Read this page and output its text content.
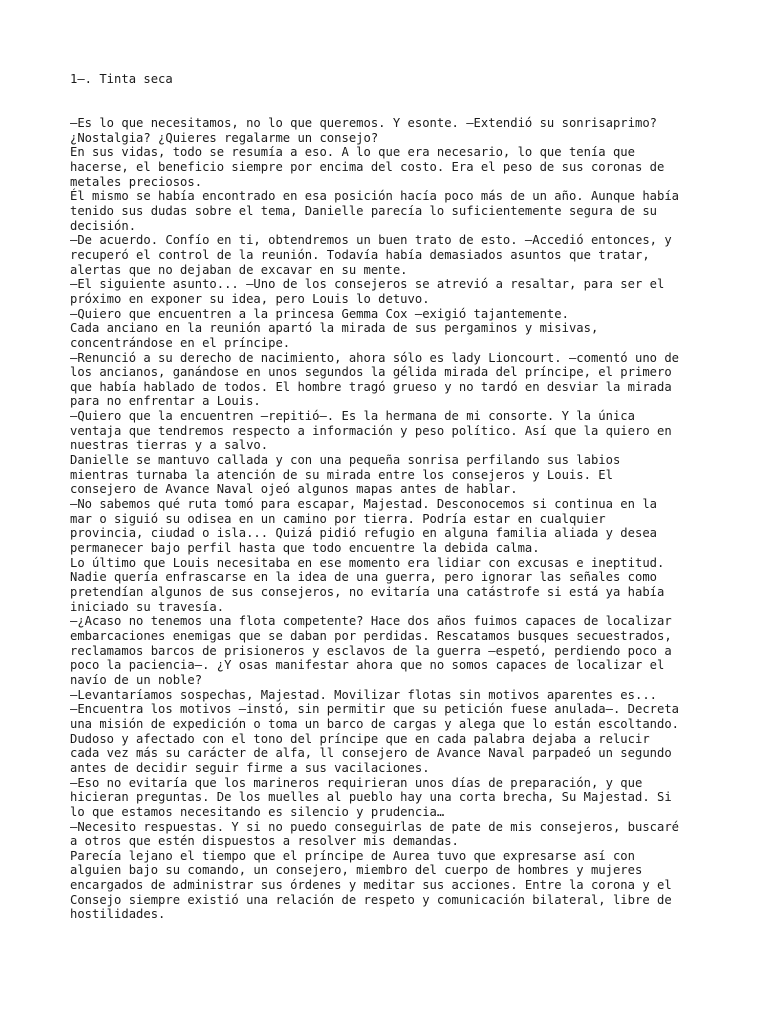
1—. Tinta seca

—Es lo que necesitamos, no lo que queremos. Y esonte. —Extendió su sonrisaprimo?
¿Nostalgia? ¿Quieres regalarme un consejo?

En sus vidas, todo se resumía a eso. A lo que era necesario, lo que tenía que
hacerse, el beneficio siempre por encima del costo. Era el peso de sus coronas de
metales preciosos.

Él mismo se había encontrado en esa posición hacía poco más de un año. Aunque había
tenido sus dudas sobre el tema, Danielle parecía lo suficientemente segura de su
decisión.

—De acuerdo. Confío en ti, obtendremos un buen trato de esto. —Accedió entonces, y
recuperó el control de la reunión. Todavía había demasiados asuntos que tratar,
alertas que no dejaban de excavar en su mente.

—El siguiente asunto... —Uno de los consejeros se atrevió a resaltar, para ser el
próximo en exponer su idea, pero Louis lo detuvo.

—Quiero que encuentren a la princesa Gemma Cox —exigió tajantemente.

Cada anciano en la reunión apartó la mirada de sus pergaminos y misivas,
concentrándose en el príncipe.

—Renunció a su derecho de nacimiento, ahora sólo es lady Lioncourt. —comentó uno de
los ancianos, ganándose en unos segundos la gélida mirada del príncipe, el primero
que había hablado de todos. El hombre tragó grueso y no tardó en desviar la mirada
para no enfrentar a Louis.

—Quiero que la encuentren —repitió—. Es la hermana de mi consorte. Y la única
ventaja que tendremos respecto a información y peso político. Así que la quiero en
nuestras tierras y a salvo.

Danielle se mantuvo callada y con una pequeña sonrisa perfilando sus labios
mientras turnaba la atención de su mirada entre los consejeros y Louis. El
consejero de Avance Naval ojeó algunos mapas antes de hablar.

—No sabemos qué ruta tomó para escapar, Majestad. Desconocemos si continua en la
mar o siguió su odisea en un camino por tierra. Podría estar en cualquier
provincia, ciudad o isla... Quizá pidió refugio en alguna familia aliada y desea
permanecer bajo perfil hasta que todo encuentre la debida calma.

Lo último que Louis necesitaba en ese momento era lidiar con excusas e ineptitud.
Nadie quería enfrascarse en la idea de una guerra, pero ignorar las señales como
pretendían algunos de sus consejeros, no evitaría una catástrofe si está ya había
iniciado su travesía.

—¿Acaso no tenemos una flota competente? Hace dos años fuimos capaces de localizar
embarcaciones enemigas que se daban por perdidas. Rescatamos busques secuestrados,
reclamamos barcos de prisioneros y esclavos de la guerra —espetó, perdiendo poco a
poco la paciencia—. ¿Y osas manifestar ahora que no somos capaces de localizar el
navío de un noble?

—Levantaríamos sospechas, Majestad. Movilizar flotas sin motivos aparentes es...

—Encuentra los motivos —instó, sin permitir que su petición fuese anulada—. Decreta
una misión de expedición o toma un barco de cargas y alega que lo están escoltando.

Dudoso y afectado con el tono del príncipe que en cada palabra dejaba a relucir
cada vez más su carácter de alfa, ll consejero de Avance Naval parpadeó un segundo
antes de decidir seguir firme a sus vacilaciones.

—Eso no evitaría que los marineros requirieran unos días de preparación, y que
hicieran preguntas. De los muelles al pueblo hay una corta brecha, Su Majestad. Si
lo que estamos necesitando es silencio y prudencia…

—Necesito respuestas. Y si no puedo conseguirlas de pate de mis consejeros, buscaré
a otros que estén dispuestos a resolver mis demandas.

Parecía lejano el tiempo que el príncipe de Aurea tuvo que expresarse así con
alguien bajo su comando, un consejero, miembro del cuerpo de hombres y mujeres
encargados de administrar sus órdenes y meditar sus acciones. Entre la corona y el
Consejo siempre existió una relación de respeto y comunicación bilateral, libre de
hostilidades.
